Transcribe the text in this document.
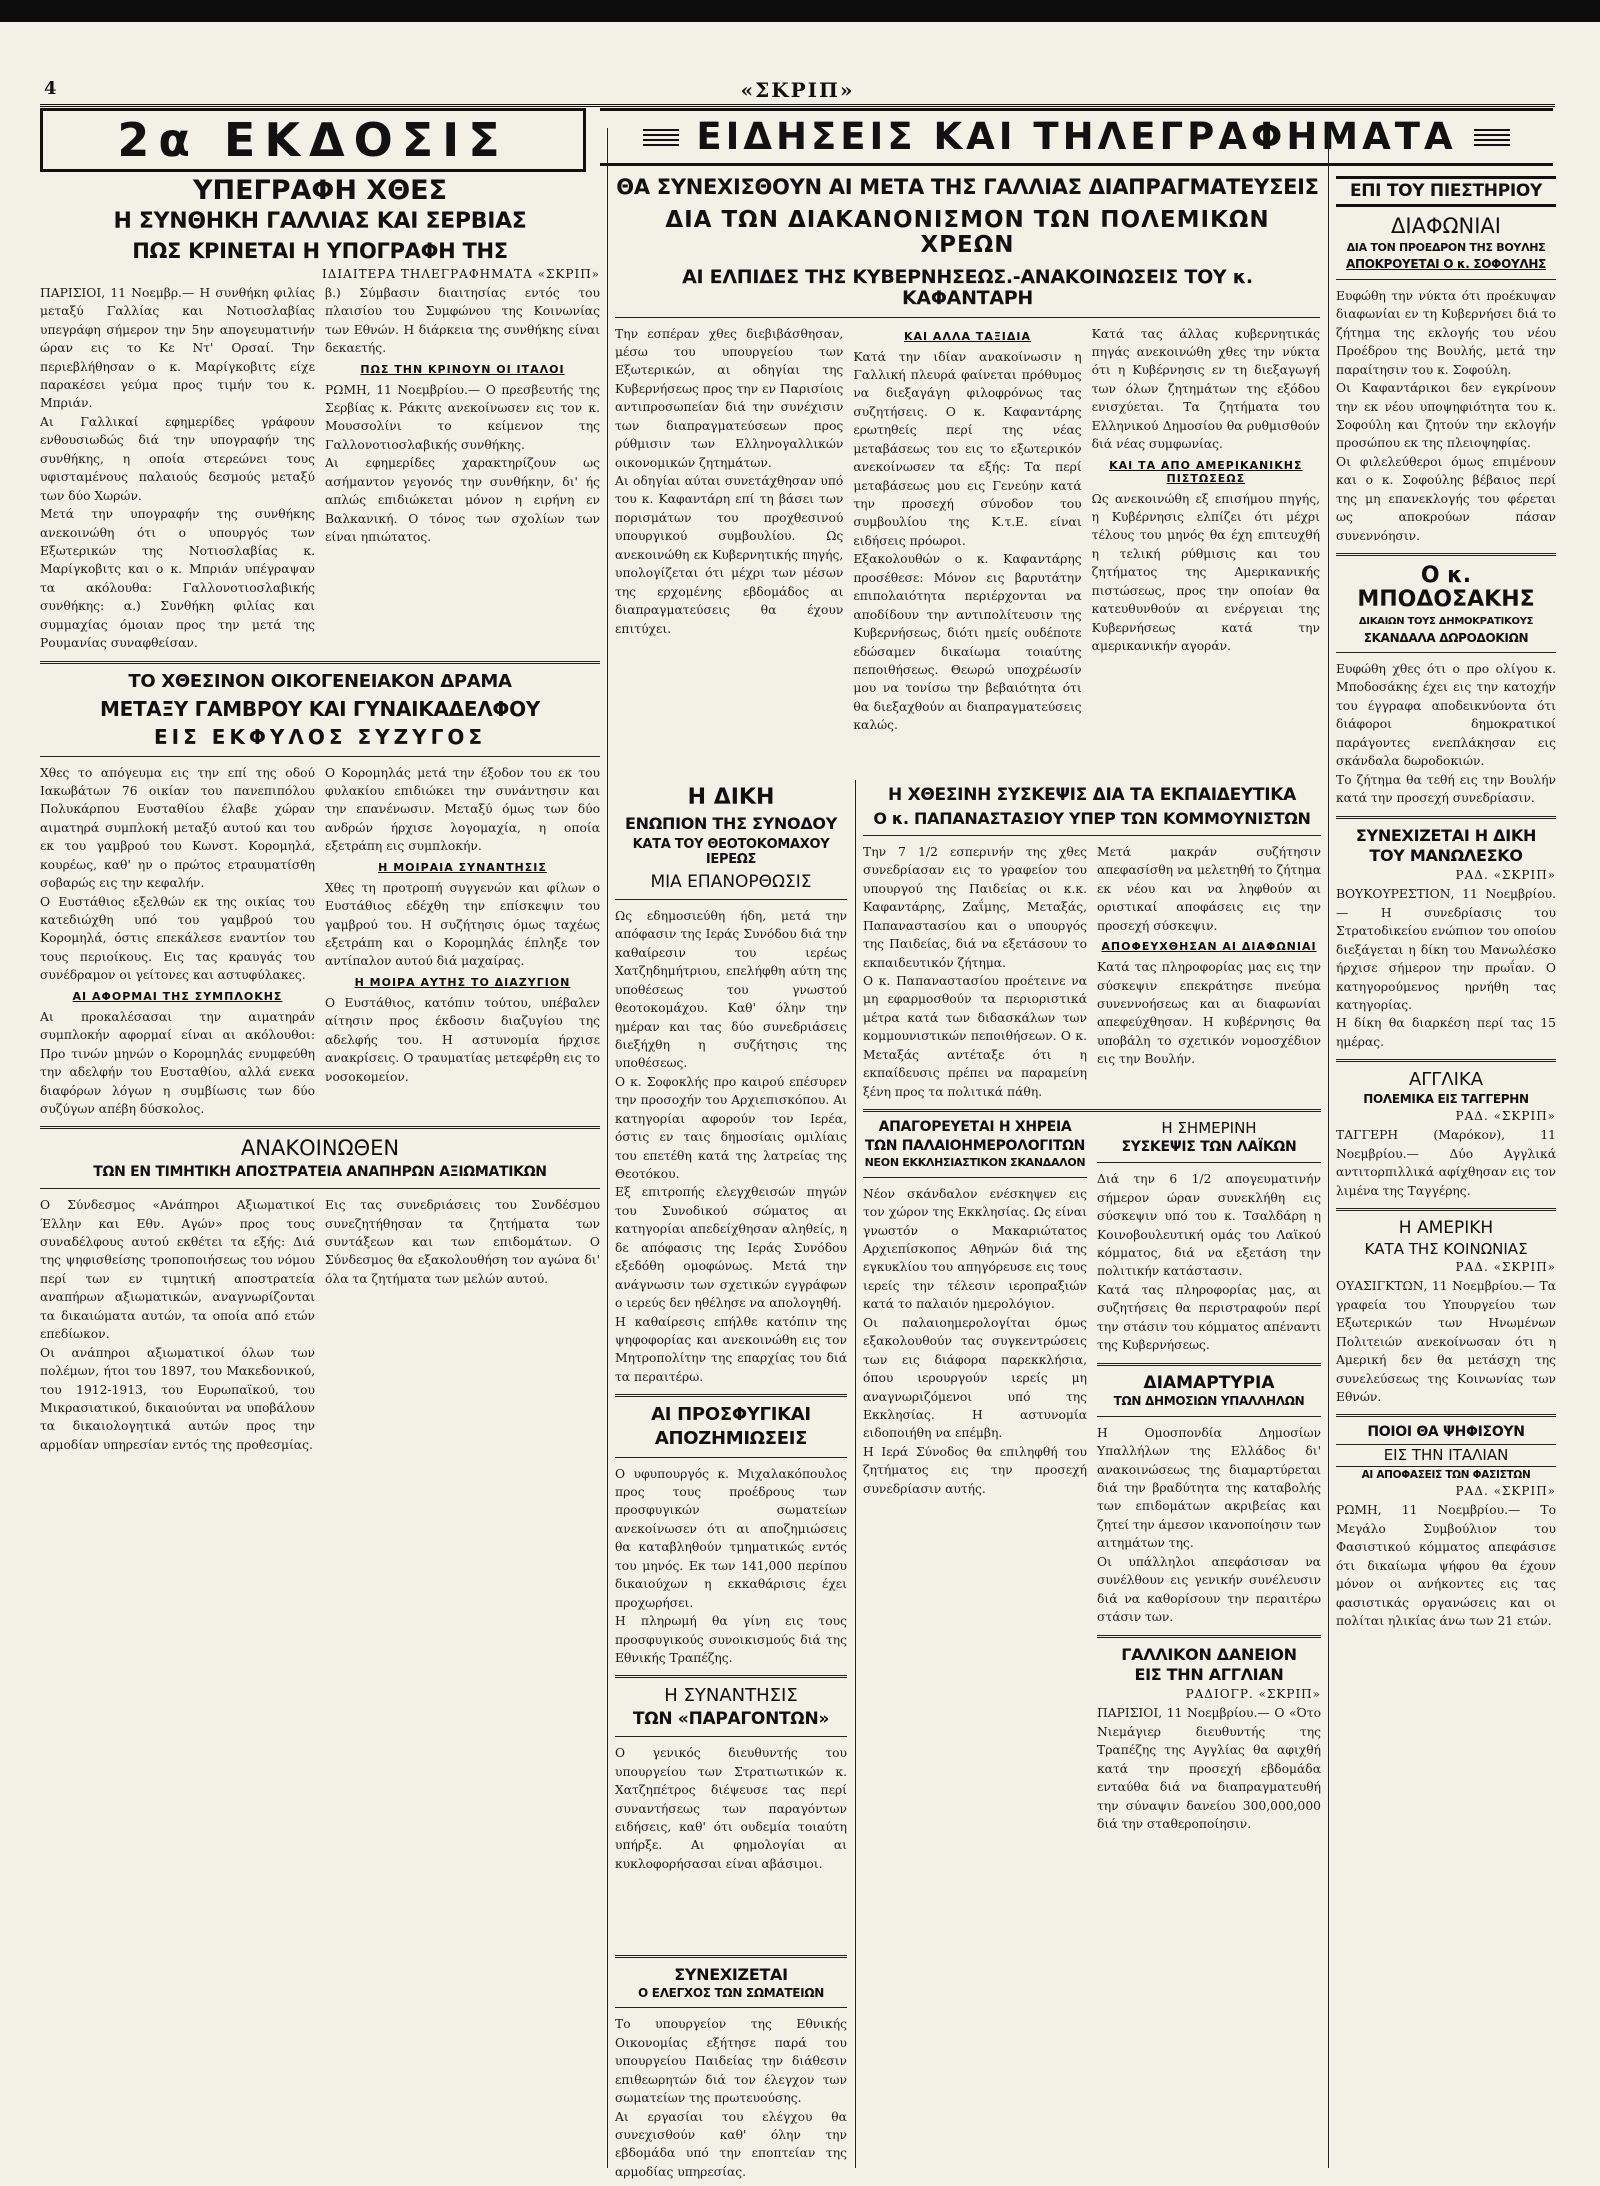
4	«ΣΚΡΙΠ»
2α ΕΚΔΟΣΙΣ	ΕΙΔΗΣΕΙΣ ΚΑΙ ΤΗΛΕΓΡΑΦΗΜΑΤΑ

ΥΠΕΓΡΑΦΗ ΧΘΕΣ

Η ΣΥΝΘΗΚΗ ΓΑΛΛΙΑΣ ΚΑΙ ΣΕΡΒΙΑΣ

ΠΩΣ ΚΡΙΝΕΤΑΙ Η ΥΠΟΓΡΑΦΗ ΤΗΣ

ΙΔΙΑΙΤΕΡΑ ΤΗΛΕΓΡΑΦΗΜΑΤΑ «ΣΚΡΙΠ»

ΠΑΡΙΣΙΟΙ, 11 Νοεμβρ.— Η συνθήκη φιλίας μεταξύ Γαλλίας και Νοτιοσλαβίας υπεγράφη σήμερον την 5ην απογευματινήν ώραν εις το Κε Ντ' Ορσαί. Την περιεβλήθησαν ο κ. Μαρίγκοβιτς είχε παρακέσει γεύμα προς τιμήν του κ. Μπριάν.

Αι Γαλλικαί εφημερίδες γράφουν ενθουσιωδώς διά την υπογραφήν της συνθήκης, η οποία στερεώνει τους υφισταμένους παλαιούς δεσμούς μεταξύ των δύο Χωρών.

Μετά την υπογραφήν της συνθήκης ανεκοινώθη ότι ο υπουργός των Εξωτερικών της Νοτιοσλαβίας κ. Μαρίγκοβιτς και ο κ. Μπριάν υπέγραψαν τα ακόλουθα: Γαλλονοτιοσλαβικής συνθήκης: α.) Συνθήκη φιλίας και συμμαχίας όμοιαν προς την μετά της Ρουμανίας συναφθείσαν.

β.) Σύμβασιν διαιτησίας εντός του πλαισίου του Συμφώνου της Κοινωνίας των Εθνών. Η διάρκεια της συνθήκης είναι δεκαετής.

ΠΩΣ ΤΗΝ ΚΡΙΝΟΥΝ ΟΙ ΙΤΑΛΟΙ

ΡΩΜΗ, 11 Νοεμβρίου.— Ο πρεσβευτής της Σερβίας κ. Ράκιτς ανεκοίνωσεν εις τον κ. Μουσσολίνι το κείμενον της Γαλλονοτιοσλαβικής συνθήκης.

Αι εφημερίδες χαρακτηρίζουν ως ασήμαντον γεγονός την συνθήκην, δι' ής απλώς επιδιώκεται μόνον η ειρήνη εν Βαλκανική. Ο τόνος των σχολίων των είναι ηπιώτατος.

ΤΟ ΧΘΕΣΙΝΟΝ ΟΙΚΟΓΕΝΕΙΑΚΟΝ ΔΡΑΜΑ

ΜΕΤΑΞΥ ΓΑΜΒΡΟΥ ΚΑΙ ΓΥΝΑΙΚΑΔΕΛΦΟΥ

ΕΙΣ ΕΚΦΥΛΟΣ ΣΥΖΥΓΟΣ

Χθες το απόγευμα εις την επί της οδού Ιακωβάτων 76 οικίαν του πανεπιπόλου Πολυκάρπου Ευσταθίου έλαβε χώραν αιματηρά συμπλοκή μεταξύ αυτού και του εκ του γαμβρού του Κωνστ. Κορομηλά, κουρέως, καθ' ην ο πρώτος ετραυματίσθη σοβαρώς εις την κεφαλήν.

Ο Ευστάθιος εξελθών εκ της οικίας του κατεδιώχθη υπό του γαμβρού του Κορομηλά, όστις επεκάλεσε εναντίον του τους περιοίκους. Εις τας κραυγάς του συνέδραμον οι γείτονες και αστυφύλακες.

ΑΙ ΑΦΟΡΜΑΙ ΤΗΣ ΣΥΜΠΛΟΚΗΣ

Αι προκαλέσασαι την αιματηράν συμπλοκήν αφορμαί είναι αι ακόλουθοι: Προ τινών μηνών ο Κορομηλάς ενυμφεύθη την αδελφήν του Ευσταθίου, αλλά ενεκα διαφόρων λόγων η συμβίωσις των δύο συζύγων απέβη δύσκολος.

Ο Κορομηλάς μετά την έξοδον του εκ του φυλακίου επιδιώκει την συνάντησιν και την επανένωσιν. Μεταξύ όμως των δύο ανδρών ήρχισε λογομαχία, η οποία εξετράπη εις συμπλοκήν.

Η ΜΟΙΡΑΙΑ ΣΥΝΑΝΤΗΣΙΣ

Χθες τη προτροπή συγγενών και φίλων ο Ευστάθιος εδέχθη την επίσκεψιν του γαμβρού του. Η συζήτησις όμως ταχέως εξετράπη και ο Κορομηλάς έπληξε τον αντίπαλον αυτού διά μαχαίρας.

Η ΜΟΙΡΑ ΑΥΤΗΣ ΤΟ ΔΙΑΖΥΓΙΟΝ

Ο Ευστάθιος, κατόπιν τούτου, υπέβαλεν αίτησιν προς έκδοσιν διαζυγίου της αδελφής του. Η αστυνομία ήρχισε ανακρίσεις. Ο τραυματίας μετεφέρθη εις το νοσοκομείον.

ΑΝΑΚΟΙΝΩΘΕΝ

ΤΩΝ ΕΝ ΤΙΜΗΤΙΚΗ ΑΠΟΣΤΡΑΤΕΙΑ ΑΝΑΠΗΡΩΝ ΑΞΙΩΜΑΤΙΚΩΝ

Ο Σύνδεσμος «Ανάπηροι Αξιωματικοί Έλλην και Εθν. Αγών» προς τους συναδέλφους αυτού εκθέτει τα εξής: Διά της ψηφισθείσης τροποποιήσεως του νόμου περί των εν τιμητική αποστρατεία αναπήρων αξιωματικών, αναγνωρίζονται τα δικαιώματα αυτών, τα οποία από ετών επεδίωκον.

Οι ανάπηροι αξιωματικοί όλων των πολέμων, ήτοι του 1897, του Μακεδονικού, του 1912-1913, του Ευρωπαϊκού, του Μικρασιατικού, δικαιούνται να υποβάλουν τα δικαιολογητικά αυτών προς την αρμοδίαν υπηρεσίαν εντός της προθεσμίας.

Εις τας συνεδριάσεις του Συνδέσμου συνεζητήθησαν τα ζητήματα των συντάξεων και των επιδομάτων. Ο Σύνδεσμος θα εξακολουθήση τον αγώνα δι' όλα τα ζητήματα των μελών αυτού.

ΘΑ ΣΥΝΕΧΙΣΘΟΥΝ ΑΙ ΜΕΤΑ ΤΗΣ ΓΑΛΛΙΑΣ ΔΙΑΠΡΑΓΜΑΤΕΥΣΕΙΣ

ΔΙΑ ΤΩΝ ΔΙΑΚΑΝΟΝΙΣΜΟΝ ΤΩΝ ΠΟΛΕΜΙΚΩΝ ΧΡΕΩΝ

ΑΙ ΕΛΠΙΔΕΣ ΤΗΣ ΚΥΒΕΡΝΗΣΕΩΣ.-ΑΝΑΚΟΙΝΩΣΕΙΣ ΤΟΥ κ. ΚΑΦΑΝΤΑΡΗ

Την εσπέραν χθες διεβιβάσθησαν, μέσω του υπουργείου των Εξωτερικών, αι οδηγίαι της Κυβερνήσεως προς την εν Παρισίοις αντιπροσωπείαν διά την συνέχισιν των διαπραγματεύσεων προς ρύθμισιν των Ελληνογαλλικών οικονομικών ζητημάτων.

Αι οδηγίαι αύται συνετάχθησαν υπό του κ. Καφαντάρη επί τη βάσει των πορισμάτων του προχθεσινού υπουργικού συμβουλίου. Ως ανεκοινώθη εκ Κυβερνητικής πηγής, υπολογίζεται ότι μέχρι των μέσων της ερχομένης εβδομάδος αι διαπραγματεύσεις θα έχουν επιτύχει.

ΚΑΙ ΑΛΛΑ ΤΑΞΙΔΙΑ

Κατά την ιδίαν ανακοίνωσιν η Γαλλική πλευρά φαίνεται πρόθυμος να διεξαγάγη φιλοφρόνως τας συζητήσεις. Ο κ. Καφαντάρης ερωτηθείς περί της νέας μεταβάσεως του εις το εξωτερικόν ανεκοίνωσεν τα εξής: Τα περί μεταβάσεως μου εις Γενεύην κατά την προσεχή σύνοδον του συμβουλίου της Κ.τ.Ε. είναι ειδήσεις πρόωροι.

Εξακολουθών ο κ. Καφαντάρης προσέθεσε: Μόνον εις βαρυτάτην επιπολαιότητα περιέρχονται να αποδίδουν την αντιπολίτευσιν της Κυβερνήσεως, διότι ημείς ουδέποτε εδώσαμεν δικαίωμα τοιαύτης πεποιθήσεως. Θεωρώ υποχρέωσίν μου να τονίσω την βεβαιότητα ότι θα διεξαχθούν αι διαπραγματεύσεις καλώς.

Κατά τας άλλας κυβερνητικάς πηγάς ανεκοινώθη χθες την νύκτα ότι η Κυβέρνησις εν τη διεξαγωγή των όλων ζητημάτων της εξόδου ενισχύεται. Τα ζητήματα του Ελληνικού Δημοσίου θα ρυθμισθούν διά νέας συμφωνίας.

ΚΑΙ ΤΑ ΑΠΟ ΑΜΕΡΙΚΑΝΙΚΗΣ ΠΙΣΤΩΣΕΩΣ

Ως ανεκοινώθη εξ επισήμου πηγής, η Κυβέρνησις ελπίζει ότι μέχρι τέλους του μηνός θα έχη επιτευχθή η τελική ρύθμισις και του ζητήματος της Αμερικανικής πιστώσεως, προς την οποίαν θα κατευθυνθούν αι ενέργειαι της Κυβερνήσεως κατά την αμερικανικήν αγοράν.

Η ΔΙΚΗ

ΕΝΩΠΙΟΝ ΤΗΣ ΣΥΝΟΔΟΥ

ΚΑΤΑ ΤΟΥ ΘΕΟΤΟΚΟΜΑΧΟΥ ΙΕΡΕΩΣ

ΜΙΑ ΕΠΑΝΟΡΘΩΣΙΣ

Ως εδημοσιεύθη ήδη, μετά την απόφασιν της Ιεράς Συνόδου διά την καθαίρεσιν του ιερέως Χατζηδημήτριου, επελήφθη αύτη της υποθέσεως του γνωστού θεοτοκομάχου. Καθ' όλην την ημέραν και τας δύο συνεδριάσεις διεξήχθη η συζήτησις της υποθέσεως.

Ο κ. Σοφοκλής προ καιρού επέσυρεν την προσοχήν του Αρχιεπισκόπου. Αι κατηγορίαι αφορούν τον Ιερέα, όστις εν ταις δημοσίαις ομιλίαις του επετέθη κατά της λατρείας της Θεοτόκου.

Εξ επιτροπής ελεγχθεισών πηγών του Συνοδικού σώματος αι κατηγορίαι απεδείχθησαν αληθείς, η δε απόφασις της Ιεράς Συνόδου εξεδόθη ομοφώνως. Μετά την ανάγνωσιν των σχετικών εγγράφων ο ιερεύς δεν ηθέλησε να απολογηθή.

Η καθαίρεσις επήλθε κατόπιν της ψηφοφορίας και ανεκοινώθη εις τον Μητροπολίτην της επαρχίας του διά τα περαιτέρω.

ΑΙ ΠΡΟΣΦΥΓΙΚΑΙ

ΑΠΟΖΗΜΙΩΣΕΙΣ

Ο υφυπουργός κ. Μιχαλακόπουλος προς τους προέδρους των προσφυγικών σωματείων ανεκοίνωσεν ότι αι αποζημιώσεις θα καταβληθούν τμηματικώς εντός του μηνός. Εκ των 141,000 περίπου δικαιούχων η εκκαθάρισις έχει προχωρήσει.

Η πληρωμή θα γίνη εις τους προσφυγικούς συνοικισμούς διά της Εθνικής Τραπέζης.

Η ΣΥΝΑΝΤΗΣΙΣ

ΤΩΝ «ΠΑΡΑΓΟΝΤΩΝ»

Ο γενικός διευθυντής του υπουργείου των Στρατιωτικών κ. Χατζηπέτρος διέψευσε τας περί συναντήσεως των παραγόντων ειδήσεις, καθ' ότι ουδεμία τοιαύτη υπήρξε. Αι φημολογίαι αι κυκλοφορήσασαι είναι αβάσιμοι.

Η ΧΘΕΣΙΝΗ ΣΥΣΚΕΨΙΣ ΔΙΑ ΤΑ ΕΚΠΑΙΔΕΥΤΙΚΑ

Ο κ. ΠΑΠΑΝΑΣΤΑΣΙΟΥ ΥΠΕΡ ΤΩΝ ΚΟΜΜΟΥΝΙΣΤΩΝ

Την 7 1/2 εσπερινήν της χθες συνεδρίασαν εις το γραφείον του υπουργού της Παιδείας οι κ.κ. Καφαντάρης, Ζαΐμης, Μεταξάς, Παπαναστασίου και ο υπουργός της Παιδείας, διά να εξετάσουν το εκπαιδευτικόν ζήτημα.

Ο κ. Παπαναστασίου προέτεινε να μη εφαρμοσθούν τα περιοριστικά μέτρα κατά των διδασκάλων των κομμουνιστικών πεποιθήσεων. Ο κ. Μεταξάς αντέταξε ότι η εκπαίδευσις πρέπει να παραμείνη ξένη προς τα πολιτικά πάθη.

Μετά μακράν συζήτησιν απεφασίσθη να μελετηθή το ζήτημα εκ νέου και να ληφθούν αι οριστικαί αποφάσεις εις την προσεχή σύσκεψιν.

ΑΠΟΦΕΥΧΘΗΣΑΝ ΑΙ ΔΙΑΦΩΝΙΑΙ

Κατά τας πληροφορίας μας εις την σύσκεψιν επεκράτησε πνεύμα συνεννοήσεως και αι διαφωνίαι απεφεύχθησαν. Η κυβέρνησις θα υποβάλη το σχετικόν νομοσχέδιον εις την Βουλήν.

ΑΠΑΓΟΡΕΥΕΤΑΙ Η ΧΗΡΕΙΑ

ΤΩΝ ΠΑΛΑΙΟΗΜΕΡΟΛΟΓΙΤΩΝ

ΝΕΟΝ ΕΚΚΛΗΣΙΑΣΤΙΚΟΝ ΣΚΑΝΔΑΛΟΝ

Νέον σκάνδαλον ενέσκηψεν εις τον χώρον της Εκκλησίας. Ως είναι γνωστόν ο Μακαριώτατος Αρχιεπίσκοπος Αθηνών διά της εγκυκλίου του απηγόρευσε εις τους ιερείς την τέλεσιν ιεροπραξιών κατά το παλαιόν ημερολόγιον.

Οι παλαιοημερολογίται όμως εξακολουθούν τας συγκεντρώσεις των εις διάφορα παρεκκλήσια, όπου ιερουργούν ιερείς μη αναγνωριζόμενοι υπό της Εκκλησίας. Η αστυνομία ειδοποιήθη να επέμβη.

Η Ιερά Σύνοδος θα επιληφθή του ζητήματος εις την προσεχή συνεδρίασιν αυτής.

Η ΣΗΜΕΡΙΝΗ

ΣΥΣΚΕΨΙΣ ΤΩΝ ΛΑΪΚΩΝ

Διά την 6 1/2 απογευματινήν σήμερον ώραν συνεκλήθη εις σύσκεψιν υπό του κ. Τσαλδάρη η Κοινοβουλευτική ομάς του Λαϊκού κόμματος, διά να εξετάση την πολιτικήν κατάστασιν.

Κατά τας πληροφορίας μας, αι συζητήσεις θα περιστραφούν περί την στάσιν του κόμματος απέναντι της Κυβερνήσεως.

ΔΙΑΜΑΡΤΥΡΙΑ

ΤΩΝ ΔΗΜΟΣΙΩΝ ΥΠΑΛΛΗΛΩΝ

Η Ομοσπονδία Δημοσίων Υπαλλήλων της Ελλάδος δι' ανακοινώσεως της διαμαρτύρεται διά την βραδύτητα της καταβολής των επιδομάτων ακριβείας και ζητεί την άμεσον ικανοποίησιν των αιτημάτων της.

Οι υπάλληλοι απεφάσισαν να συνέλθουν εις γενικήν συνέλευσιν διά να καθορίσουν την περαιτέρω στάσιν των.

ΓΑΛΛΙΚΟΝ ΔΑΝΕΙΟΝ

ΕΙΣ ΤΗΝ ΑΓΓΛΙΑΝ

ΡΑΔΙΟΓΡ. «ΣΚΡΙΠ»

ΠΑΡΙΣΙΟΙ, 11 Νοεμβρίου.— Ο «Ότο Νιεμάγιερ διευθυντής της Τραπέζης της Αγγλίας θα αφιχθή κατά την προσεχή εβδομάδα ενταύθα διά να διαπραγματευθή την σύναψιν δανείου 300,000,000 διά την σταθεροποίησιν.

ΣΥΝΕΧΙΖΕΤΑΙ

Ο ΕΛΕΓΧΟΣ ΤΩΝ ΣΩΜΑΤΕΙΩΝ

Το υπουργείον της Εθνικής Οικονομίας εξήτησε παρά του υπουργείου Παιδείας την διάθεσιν επιθεωρητών διά τον έλεγχον των σωματείων της πρωτευούσης.

Αι εργασίαι του ελέγχου θα συνεχισθούν καθ' όλην την εβδομάδα υπό την εποπτείαν της αρμοδίας υπηρεσίας.

ΕΠΙ ΤΟΥ ΠΙΕΣΤΗΡΙΟΥ

ΔΙΑΦΩΝΙΑΙ

ΔΙΑ ΤΟΝ ΠΡΟΕΔΡΟΝ ΤΗΣ ΒΟΥΛΗΣ

ΑΠΟΚΡΟΥΕΤΑΙ Ο κ. ΣΟΦΟΥΛΗΣ

Ευφώθη την νύκτα ότι προέκυψαν διαφωνίαι εν τη Κυβερνήσει διά το ζήτημα της εκλογής του νέου Προέδρου της Βουλής, μετά την παραίτησιν του κ. Σοφούλη.

Οι Καφαντάρικοι δεν εγκρίνουν την εκ νέου υποψηφιότητα του κ. Σοφούλη και ζητούν την εκλογήν προσώπου εκ της πλειοψηφίας.

Οι φιλελεύθεροι όμως επιμένουν και ο κ. Σοφούλης βέβαιος περί της μη επανεκλογής του φέρεται ως αποκρούων πάσαν συνεννόησιν.

Ο κ. ΜΠΟΔΟΣΑΚΗΣ

ΔΙΚΑΙΩΝ ΤΟΥΣ ΔΗΜΟΚΡΑΤΙΚΟΥΣ

ΣΚΑΝΔΑΛΑ ΔΩΡΟΔΟΚΙΩΝ

Ευφώθη χθες ότι ο προ ολίγου κ. Μποδοσάκης έχει εις την κατοχήν του έγγραφα αποδεικνύοντα ότι διάφοροι δημοκρατικοί παράγοντες ενεπλάκησαν εις σκάνδαλα δωροδοκιών.

Το ζήτημα θα τεθή εις την Βουλήν κατά την προσεχή συνεδρίασιν.

ΣΥΝΕΧΙΖΕΤΑΙ Η ΔΙΚΗ

ΤΟΥ ΜΑΝΩΛΕΣΚΟ

ΡΑΔ. «ΣΚΡΙΠ»

ΒΟΥΚΟΥΡΕΣΤΙΟΝ, 11 Νοεμβρίου.— Η συνεδρίασις του Στρατοδικείου ενώπιον του οποίου διεξάγεται η δίκη του Μανωλέσκο ήρχισε σήμερον την πρωΐαν. Ο κατηγορούμενος ηρνήθη τας κατηγορίας.

Η δίκη θα διαρκέση περί τας 15 ημέρας.

ΑΓΓΛΙΚΑ

ΠΟΛΕΜΙΚΑ ΕΙΣ ΤΑΓΓΕΡΗΝ

ΡΑΔ. «ΣΚΡΙΠ»

ΤΑΓΓΕΡΗ (Μαρόκον), 11 Νοεμβρίου.— Δύο Αγγλικά αντιτορπιλλικά αφίχθησαν εις τον λιμένα της Ταγγέρης.

Η ΑΜΕΡΙΚΗ

ΚΑΤΑ ΤΗΣ ΚΟΙΝΩΝΙΑΣ

ΡΑΔ. «ΣΚΡΙΠ»

ΟΥΑΣΙΓΚΤΩΝ, 11 Νοεμβρίου.— Τα γραφεία του Υπουργείου των Εξωτερικών των Ηνωμένων Πολιτειών ανεκοίνωσαν ότι η Αμερική δεν θα μετάσχη της συνελεύσεως της Κοινωνίας των Εθνών.

ΠΟΙΟΙ ΘΑ ΨΗΦΙΣΟΥΝ

ΕΙΣ ΤΗΝ ΙΤΑΛΙΑΝ

ΑΙ ΑΠΟΦΑΣΕΙΣ ΤΩΝ ΦΑΣΙΣΤΩΝ

ΡΑΔ. «ΣΚΡΙΠ»

ΡΩΜΗ, 11 Νοεμβρίου.— Το Μεγάλο Συμβούλιον του Φασιστικού κόμματος απεφάσισε ότι δικαίωμα ψήφου θα έχουν μόνον οι ανήκοντες εις τας φασιστικάς οργανώσεις και οι πολίται ηλικίας άνω των 21 ετών.
